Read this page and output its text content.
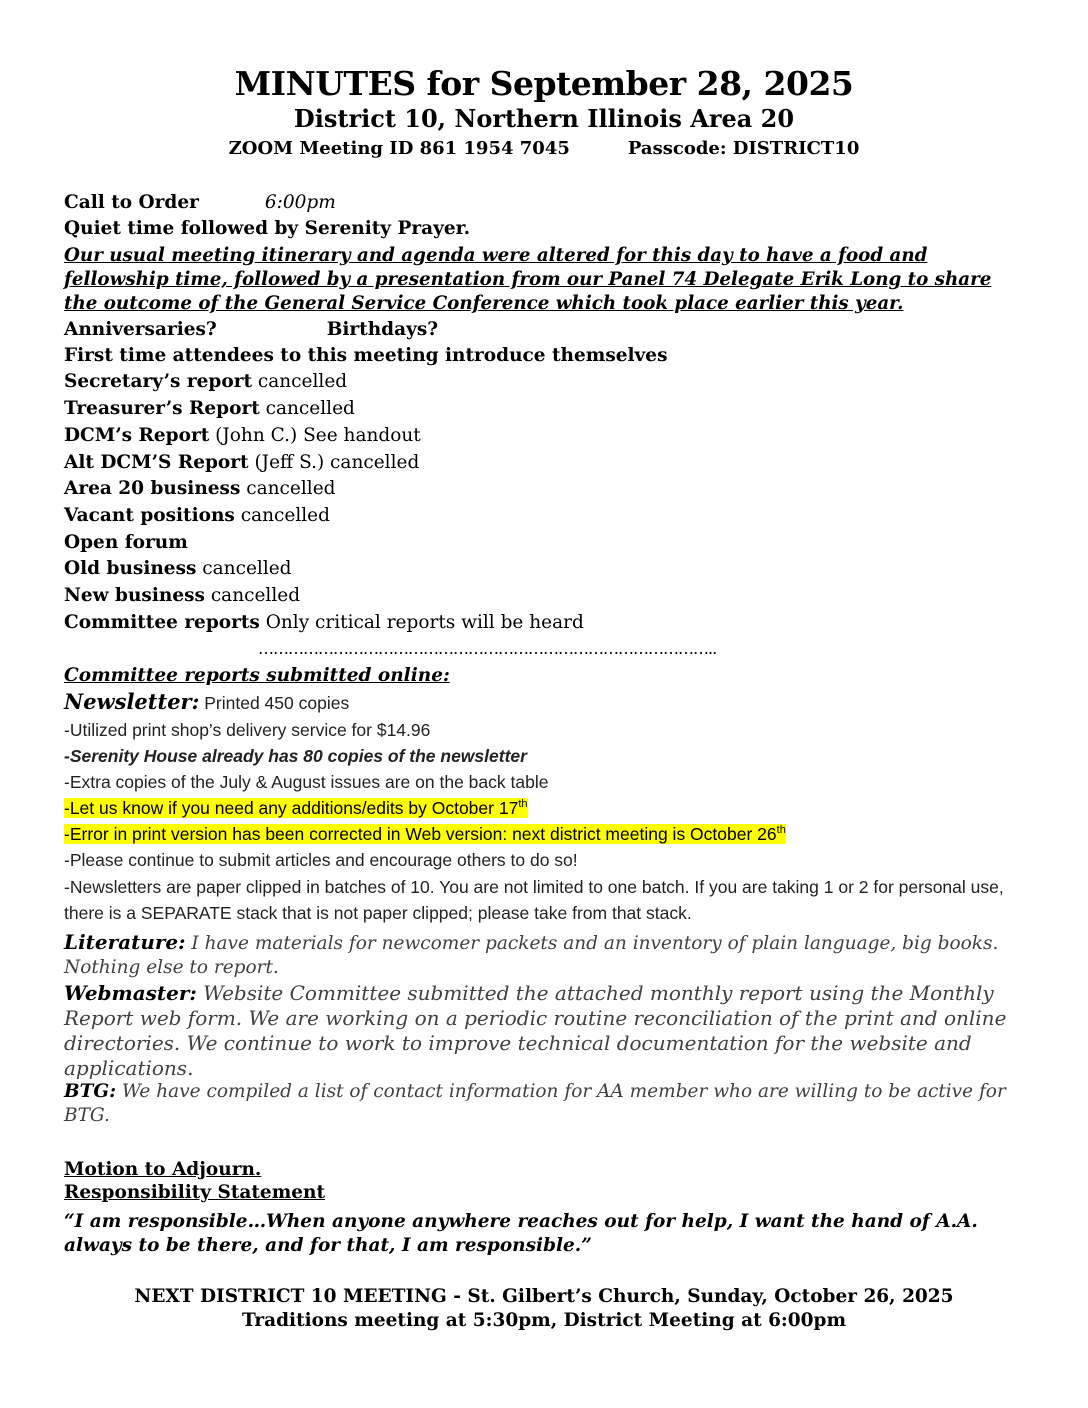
MINUTES for September 28, 2025
District 10, Northern Illinois Area 20
ZOOM Meeting ID 861 1954 7045	Passcode: DISTRICT10
Call to Order	6:00pm
Quiet time followed by Serenity Prayer.
Our usual meeting itinerary and agenda were altered for this day to have a food and fellowship time, followed by a presentation from our Panel 74 Delegate Erik Long to share the outcome of the General Service Conference which took place earlier this year.
Anniversaries?	Birthdays?
First time attendees to this meeting introduce themselves
Secretary’s report cancelled
Treasurer’s Report cancelled
DCM’s Report (John C.) See handout
Alt DCM’S Report (Jeff S.) cancelled
Area 20 business cancelled
Vacant positions cancelled
Open forum
Old business cancelled
New business cancelled
Committee reports Only critical reports will be heard
………………………………………………………………………………..
Committee reports submitted online:
Newsletter: Printed 450 copies
-Utilized print shop’s delivery service for $14.96
-Serenity House already has 80 copies of the newsletter
-Extra copies of the July & August issues are on the back table
-Let us know if you need any additions/edits by October 17th
-Error in print version has been corrected in Web version: next district meeting is October 26th
-Please continue to submit articles and encourage others to do so!
-Newsletters are paper clipped in batches of 10. You are not limited to one batch. If you are taking 1 or 2 for personal use, there is a SEPARATE stack that is not paper clipped; please take from that stack.
Literature: I have materials for newcomer packets and an inventory of plain language, big books. Nothing else to report.
Webmaster: Website Committee submitted the attached monthly report using the Monthly Report web form. We are working on a periodic routine reconciliation of the print and online directories. We continue to work to improve technical documentation for the website and applications.
BTG: We have compiled a list of contact information for AA member who are willing to be active for BTG.
Motion to Adjourn.
Responsibility Statement
“I am responsible…When anyone anywhere reaches out for help, I want the hand of A.A. always to be there, and for that, I am responsible.”
NEXT DISTRICT 10 MEETING - St. Gilbert’s Church, Sunday, October 26, 2025
Traditions meeting at 5:30pm, District Meeting at 6:00pm
